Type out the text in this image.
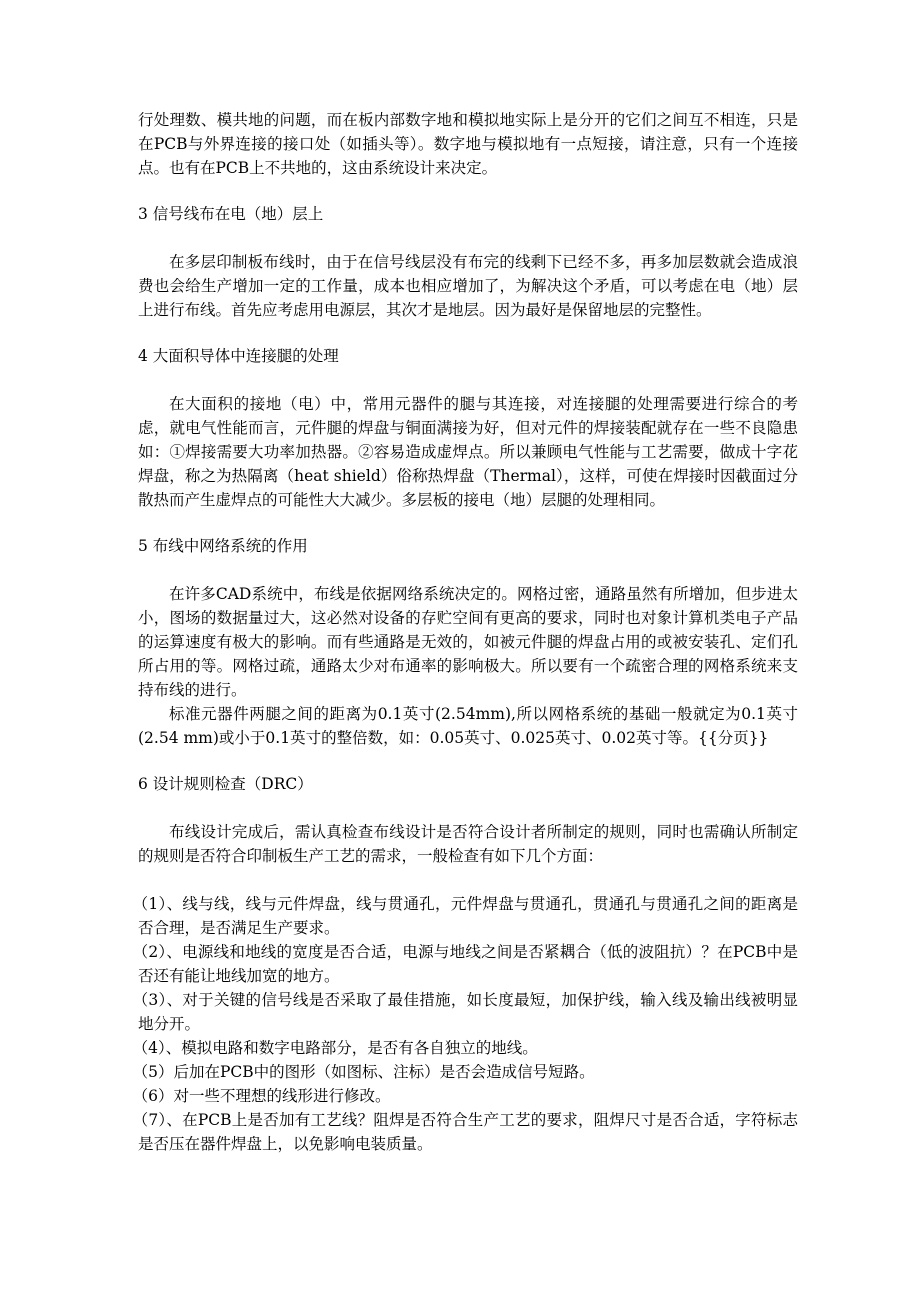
行处理数、模共地的问题，而在板内部数字地和模拟地实际上是分开的它们之间互不相连，只是在PCB与外界连接的接口处（如插头等）。数字地与模拟地有一点短接，请注意，只有一个连接点。也有在PCB上不共地的，这由系统设计来决定。

3 信号线布在电（地）层上

在多层印制板布线时，由于在信号线层没有布完的线剩下已经不多，再多加层数就会造成浪费也会给生产增加一定的工作量，成本也相应增加了，为解决这个矛盾，可以考虑在电（地）层上进行布线。首先应考虑用电源层，其次才是地层。因为最好是保留地层的完整性。

4 大面积导体中连接腿的处理

在大面积的接地（电）中，常用元器件的腿与其连接，对连接腿的处理需要进行综合的考虑，就电气性能而言，元件腿的焊盘与铜面满接为好，但对元件的焊接装配就存在一些不良隐患如：①焊接需要大功率加热器。②容易造成虚焊点。所以兼顾电气性能与工艺需要，做成十字花焊盘，称之为热隔离（heat shield）俗称热焊盘（Thermal），这样，可使在焊接时因截面过分散热而产生虚焊点的可能性大大减少。多层板的接电（地）层腿的处理相同。

5 布线中网络系统的作用

在许多CAD系统中，布线是依据网络系统决定的。网格过密，通路虽然有所增加，但步进太小，图场的数据量过大，这必然对设备的存贮空间有更高的要求，同时也对象计算机类电子产品的运算速度有极大的影响。而有些通路是无效的，如被元件腿的焊盘占用的或被安装孔、定们孔所占用的等。网格过疏，通路太少对布通率的影响极大。所以要有一个疏密合理的网格系统来支持布线的进行。

标准元器件两腿之间的距离为0.1英寸(2.54mm),所以网格系统的基础一般就定为0.1英寸(2.54 mm)或小于0.1英寸的整倍数，如：0.05英寸、0.025英寸、0.02英寸等。{{分页}}

6 设计规则检查（DRC）

布线设计完成后，需认真检查布线设计是否符合设计者所制定的规则，同时也需确认所制定的规则是否符合印制板生产工艺的需求，一般检查有如下几个方面：

（1）、线与线，线与元件焊盘，线与贯通孔，元件焊盘与贯通孔，贯通孔与贯通孔之间的距离是否合理，是否满足生产要求。

（2）、电源线和地线的宽度是否合适，电源与地线之间是否紧耦合（低的波阻抗）？在PCB中是否还有能让地线加宽的地方。

（3）、对于关键的信号线是否采取了最佳措施，如长度最短，加保护线，输入线及输出线被明显地分开。

（4）、模拟电路和数字电路部分，是否有各自独立的地线。

（5）后加在PCB中的图形（如图标、注标）是否会造成信号短路。

（6）对一些不理想的线形进行修改。

（7）、在PCB上是否加有工艺线？阻焊是否符合生产工艺的要求，阻焊尺寸是否合适，字符标志是否压在器件焊盘上，以免影响电装质量。
